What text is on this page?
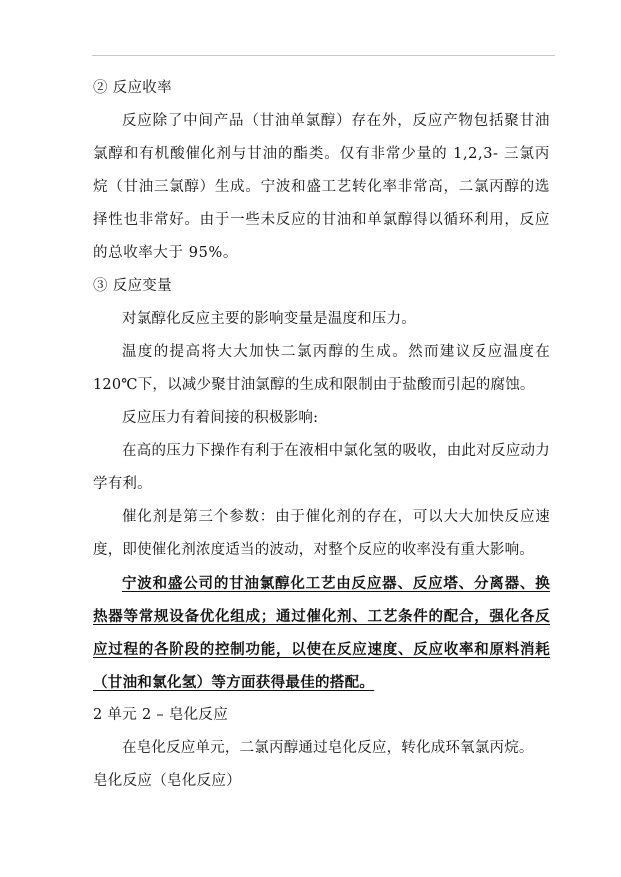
② 反应收率

反应除了中间产品（甘油单氯醇）存在外，反应产物包括聚甘油氯醇和有机酸催化剂与甘油的酯类。仅有非常少量的 1,2,3- 三氯丙烷（甘油三氯醇）生成。宁波和盛工艺转化率非常高，二氯丙醇的选择性也非常好。由于一些未反应的甘油和单氯醇得以循环利用，反应的总收率大于 95%。

③ 反应变量

对氯醇化反应主要的影响变量是温度和压力。

温度的提高将大大加快二氯丙醇的生成。然而建议反应温度在 120℃下，以减少聚甘油氯醇的生成和限制由于盐酸而引起的腐蚀。

反应压力有着间接的积极影响:

在高的压力下操作有利于在液相中氯化氢的吸收，由此对反应动力学有利。

催化剂是第三个参数：由于催化剂的存在，可以大大加快反应速度，即使催化剂浓度适当的波动，对整个反应的收率没有重大影响。

宁波和盛公司的甘油氯醇化工艺由反应器、反应塔、分离器、换热器等常规设备优化组成；通过催化剂、工艺条件的配合，强化各反应过程的各阶段的控制功能，以使在反应速度、反应收率和原料消耗（甘油和氯化氢）等方面获得最佳的搭配。

2 单元 2 – 皂化反应

在皂化反应单元，二氯丙醇通过皂化反应，转化成环氧氯丙烷。

皂化反应（皂化反应）
